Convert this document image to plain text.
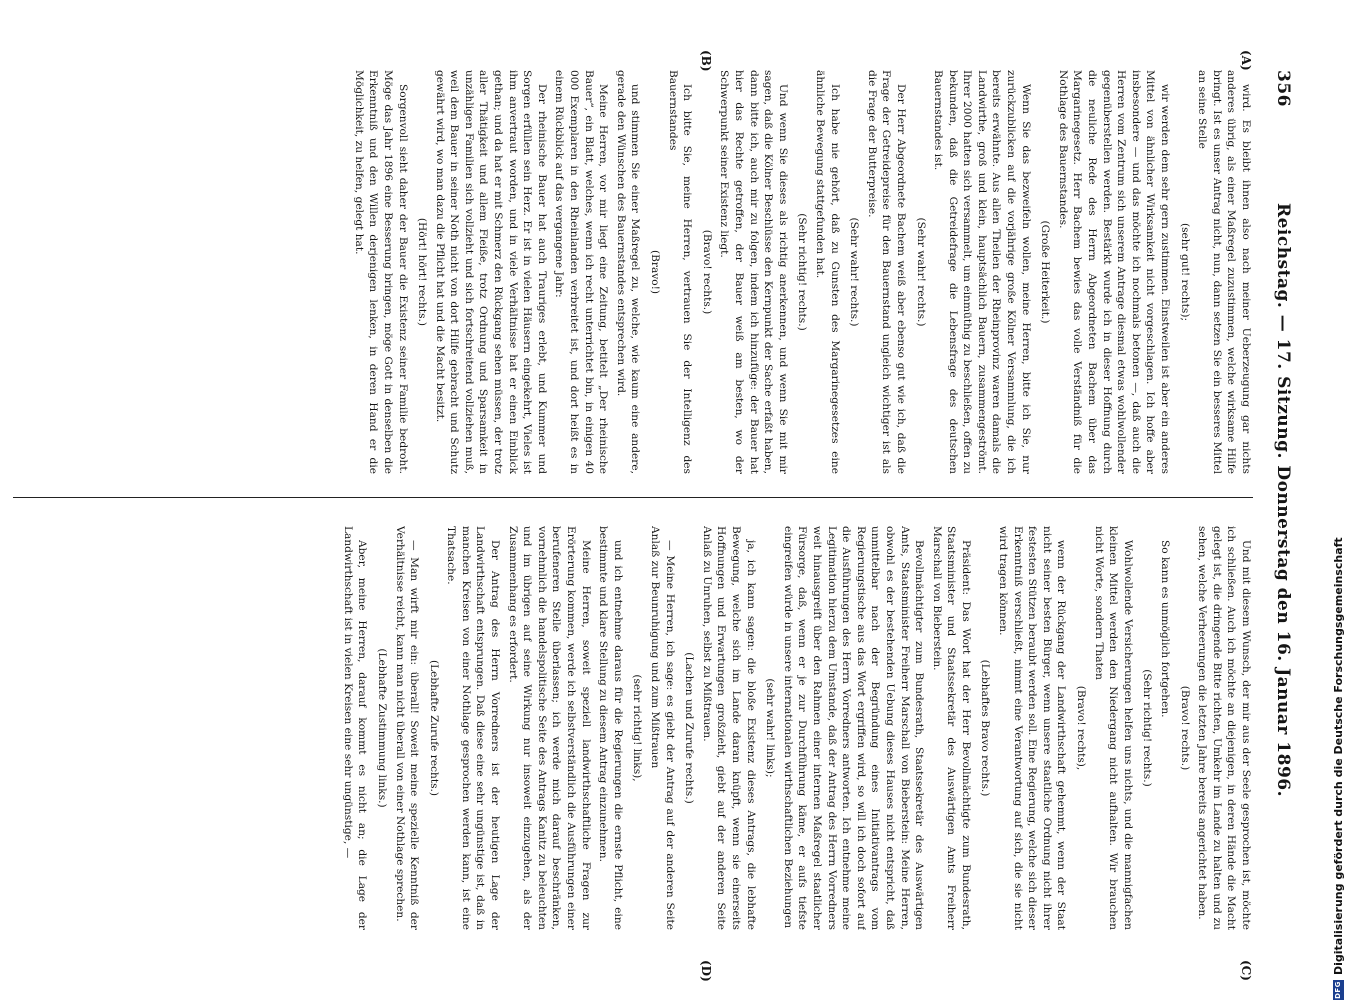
356
Reichstag. — 17. Sitzung. Donnerstag den 16. Januar 1896.
(A)
(B)
(C)
(D)

wird. Es bleibt ihnen also nach meiner Ueberzeugung gar nichts anderes übrig, als einer Maßregel zuzustimmen, welche wirksame Hilfe bringt. Ist es unser Antrag nicht, nun, dann setzen Sie ein besseres Mittel an seine Stelle

(sehr gut! rechts);

wir werden dem sehr gern zustimmen. Einstweilen ist aber ein anderes Mittel von ähnlicher Wirksamkeit nicht vorgeschlagen. Ich hoffe aber insbesondere — und das möchte ich nochmals betonen —, daß auch die Herren vom Zentrum sich unserem Antrage diesmal etwas wohlwollender gegenüberstellen werden. Bestärkt wurde ich in dieser Hoffnung durch die neuliche Rede des Herrn Abgeordneten Bachem über das Margarinegesetz. Herr Bachem bewies das volle Verständniß für die Nothlage des Bauernstandes.

(Große Heiterkeit.)

Wenn Sie das bezweifeln wollen, meine Herren, bitte ich Sie, nur zurückzublicken auf die vorjährige große Kölner Versammlung, die ich bereits erwähnte. Aus allen Theilen der Rheinprovinz waren damals die Landwirthe, groß und klein, hauptsächlich Bauern, zusammengeströmt. Ihrer 2000 hatten sich versammelt, um einmüthig zu beschließen, offen zu bekunden, daß die Getreidefrage die Lebensfrage des deutschen Bauernstandes ist.

(Sehr wahr! rechts.)

Der Herr Abgeordnete Bachem weiß aber ebenso gut wie ich, daß die Frage der Getreidepreise für den Bauernstand ungleich wichtiger ist als die Frage der Butterpreise.

(Sehr wahr! rechts.)

Ich habe nie gehört, daß zu Gunsten des Margarinegesetzes eine ähnliche Bewegung stattgefunden hat.

(Sehr richtig! rechts.)

Und wenn Sie dieses als richtig anerkennen, und wenn Sie mit mir sagen, daß die Kölner Beschlüsse den Kernpunkt der Sache erfaßt haben, dann bitte ich, auch mir zu folgen, indem ich hinzufüge: der Bauer hat hier das Rechte getroffen, der Bauer weiß am besten, wo der Schwerpunkt seiner Existenz liegt.

(Bravo! rechts.)

Ich bitte Sie, meine Herren, vertrauen Sie der Intelligenz des Bauernstandes

(Bravo!)

und stimmen Sie einer Maßregel zu, welche, wie kaum eine andere, gerade den Wünschen des Bauernstandes entsprechen wird.

Meine Herren, vor mir liegt eine Zeitung, betitelt „Der rheinische Bauer“, ein Blatt, welches, wenn ich recht unterrichtet bin, in einigen 40 000 Exemplaren in den Rheinlanden verbreitet ist, und dort heißt es in einem Rückblick auf das vergangene Jahr:

Der rheinische Bauer hat auch Trauriges erlebt, und Kummer und Sorgen erfüllen sein Herz. Er ist in vielen Häusern eingekehrt, Vieles ist ihm anvertraut worden, und in viele Verhältnisse hat er einen Einblick gethan; und da hat er mit Schmerz den Rückgang sehen müssen, der trotz aller Thätigkeit und allem Fleiße, trotz Ordnung und Sparsamkeit in unzähligen Familien sich vollzieht und sich fortschreitend vollziehen muß, weil dem Bauer in seiner Noth nicht von dort Hilfe gebracht und Schutz gewährt wird, wo man dazu die Pflicht hat und die Macht besitzt.

(Hört! hört! rechts.)

Sorgenvoll sieht daher der Bauer die Existenz seiner Familie bedroht. Möge das Jahr 1896 eine Besserung bringen, möge Gott in denselben die Erkenntniß und den Willen derjenigen lenken, in deren Hand er die Möglichkeit, zu helfen, gelegt hat.

Und mit diesem Wunsch, der mir aus der Seele gesprochen ist, möchte ich schließen. Auch ich möchte an diejenigen, in deren Hände die Macht gelegt ist, die dringende Bitte richten, Umkehr im Lande zu halten und zu sehen, welche Verheerungen die letzten Jahre bereits angerichtet haben.

(Bravo! rechts.)

So kann es unmöglich fortgehen.

(Sehr richtig! rechts.)

Wohlwollende Versicherungen helfen uns nichts, und die mannigfachen kleinen Mittel werden den Niedergang nicht aufhalten. Wir brauchen nicht Worte, sondern Thaten

(Bravo! rechts),

wenn der Rückgang der Landwirthschaft gehemmt, wenn der Staat nicht seiner besten Bürger, wenn unsere staatliche Ordnung nicht ihrer festesten Stützen beraubt werden soll. Eine Regierung, welche sich dieser Erkenntniß verschließt, nimmt eine Verantwortung auf sich, die sie nicht wird tragen können.

(Lebhaftes Bravo rechts.)

Präsident: Das Wort hat der Herr Bevollmächtigte zum Bundesrath, Staatsminister und Staatssekretär des Auswärtigen Amts Freiherr Marschall von Bieberstein.

Bevollmächtigter zum Bundesrath, Staatssekretär des Auswärtigen Amts, Staatsminister Freiherr Marschall von Bieberstein: Meine Herren, obwohl es der bestehenden Uebung dieses Hauses nicht entspricht, daß unmittelbar nach der Begründung eines Initiativantrags vom Regierungstische aus das Wort ergriffen wird, so will ich doch sofort auf die Ausführungen des Herrn Vorredners antworten. Ich entnehme meine Legitimation hierzu dem Umstande, daß der Antrag des Herrn Vorredners weit hinausgreift über den Rahmen einer internen Maßregel staatlicher Fürsorge, daß, wenn er je zur Durchführung käme, er aufs tiefste eingreifen würde in unsere internationalen wirthschaftlichen Beziehungen

(sehr wahr! links);

ja, ich kann sagen: die bloße Existenz dieses Antrags, die lebhafte Bewegung, welche sich im Lande daran knüpft, wenn sie einerseits Hoffnungen und Erwartungen großzieht, giebt auf der anderen Seite Anlaß zu Unruhen, selbst zu Mißtrauen.

(Lachen und Zurufe rechts.)

— Meine Herren, ich sage: es giebt der Antrag auf der anderen Seite Anlaß zur Beunruhigung und zum Mißtrauen

(sehr richtig! links),

und ich entnehme daraus für die Regierungen die ernste Pflicht, eine bestimmte und klare Stellung zu diesem Antrag einzunehmen.

Meine Herren, soweit speziell landwirthschaftliche Fragen zur Erörterung kommen, werde ich selbstverständlich die Ausführungen einer berufeneren Stelle überlassen; ich werde mich darauf beschränken, vornehmlich die handelspolitische Seite des Antrags Kanitz zu beleuchten und im übrigen auf seine Wirkung nur insoweit einzugehen, als der Zusammenhang es erfordert.

Der Antrag des Herrn Vorredners ist der heutigen Lage der Landwirthschaft entsprungen. Daß diese eine sehr ungünstige ist, daß in manchen Kreisen von einer Nothlage gesprochen werden kann, ist eine Thatsache.

(Lebhafte Zurufe rechts.)

— Man wirft mir ein: überall! Soweit meine spezielle Kenntniß der Verhältnisse reicht, kann man nicht überall von einer Nothlage sprechen.

(Lebhafte Zustimmung links.)

Aber, meine Herren, darauf kommt es nicht an; die Lage der Landwirthschaft ist in vielen Kreisen eine sehr ungünstige, —

DFG
Digitalisierung gefördert durch die Deutsche Forschungsgemeinschaft
